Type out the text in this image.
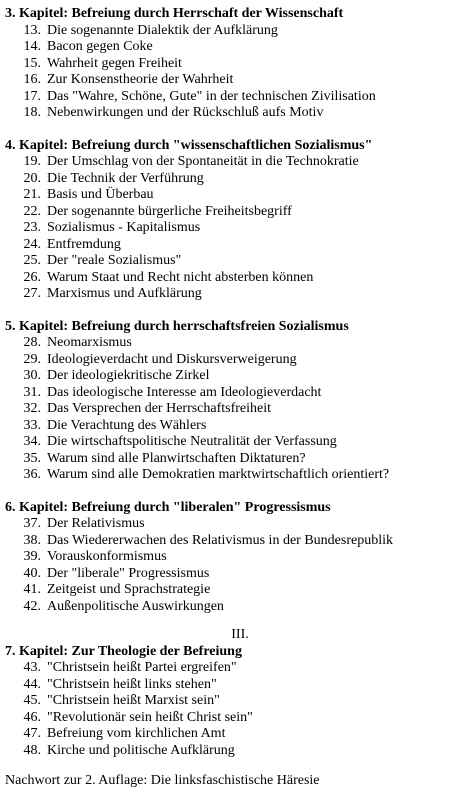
3. Kapitel: Befreiung durch Herrschaft der Wissenschaft
13. Die sogenannte Dialektik der Aufklärung
14. Bacon gegen Coke
15. Wahrheit gegen Freiheit
16. Zur Konsenstheorie der Wahrheit
17. Das "Wahre, Schöne, Gute" in der technischen Zivilisation
18. Nebenwirkungen und der Rückschluß aufs Motiv
4. Kapitel: Befreiung durch "wissenschaftlichen Sozialismus"
19. Der Umschlag von der Spontaneität in die Technokratie
20. Die Technik der Verführung
21. Basis und Überbau
22. Der sogenannte bürgerliche Freiheitsbegriff
23. Sozialismus - Kapitalismus
24. Entfremdung
25. Der "reale Sozialismus"
26. Warum Staat und Recht nicht absterben können
27. Marxismus und Aufklärung
5. Kapitel: Befreiung durch herrschaftsfreien Sozialismus
28. Neomarxismus
29. Ideologieverdacht und Diskursverweigerung
30. Der ideologiekritische Zirkel
31. Das ideologische Interesse am Ideologieverdacht
32. Das Versprechen der Herrschaftsfreiheit
33. Die Verachtung des Wählers
34. Die wirtschaftspolitische Neutralität der Verfassung
35. Warum sind alle Planwirtschaften Diktaturen?
36. Warum sind alle Demokratien marktwirtschaftlich orientiert?
6. Kapitel: Befreiung durch "liberalen" Progressismus
37. Der Relativismus
38. Das Wiedererwachen des Relativismus in der Bundesrepublik
39. Vorauskonformismus
40. Der "liberale" Progressismus
41. Zeitgeist und Sprachstrategie
42. Außenpolitische Auswirkungen
III.
7. Kapitel: Zur Theologie der Befreiung
43. "Christsein heißt Partei ergreifen"
44. "Christsein heißt links stehen"
45. "Christsein heißt Marxist sein"
46. "Revolutionär sein heißt Christ sein"
47. Befreiung vom kirchlichen Amt
48. Kirche und politische Aufklärung
Nachwort zur 2. Auflage: Die linksfaschistische Häresie
